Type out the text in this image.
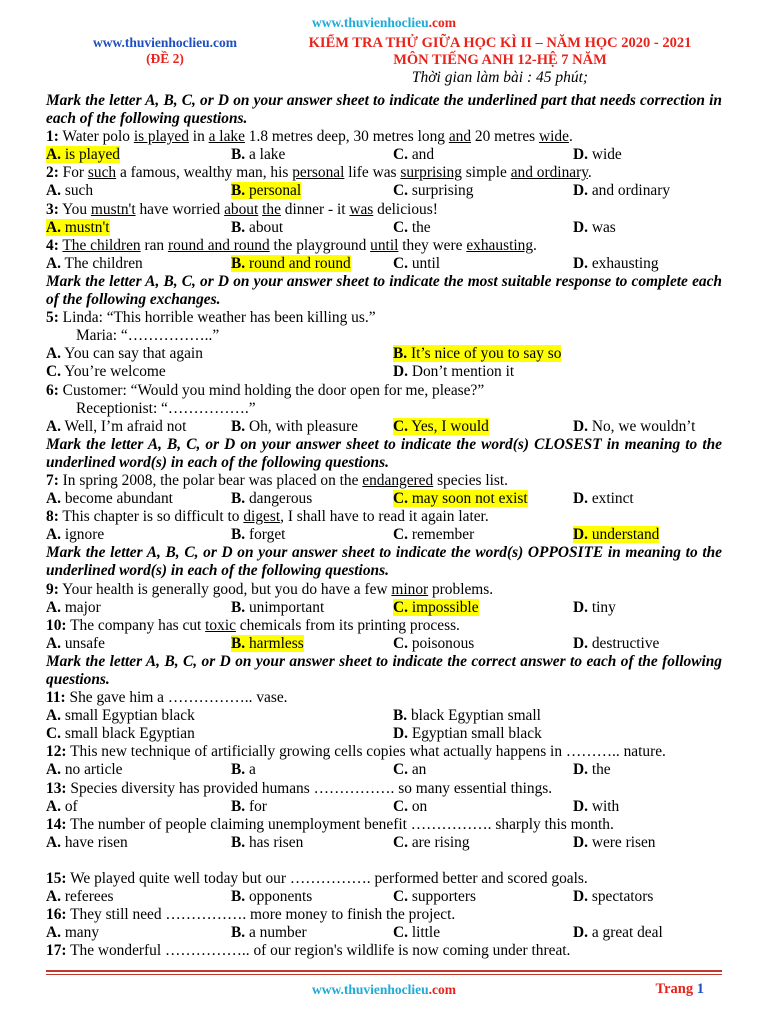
www.thuvienhoclieu.com
www.thuvienhoclieu.com
(ĐỀ 2)
KIỂM TRA THỬ GIỮA HỌC KÌ II – NĂM HỌC 2020 - 2021
MÔN TIẾNG ANH 12-HỆ 7 NĂM
Thời gian làm bài : 45 phút;
Mark the letter A, B, C, or D on your answer sheet to indicate the underlined part that needs correction in each of the following questions.
1: Water polo is played in a lake 1.8 metres deep, 30 metres long and 20 metres wide.
A. is played	B. a lake	C. and	D. wide
2: For such a famous, wealthy man, his personal life was surprising simple and ordinary.
A. such	B. personal	C. surprising	D. and ordinary
3: You mustn't have worried about the dinner - it was delicious!
A. mustn't	B. about	C. the	D. was
4: The children ran round and round the playground until they were exhausting.
A. The children	B. round and round	C. until	D. exhausting
Mark the letter A, B, C, or D on your answer sheet to indicate the most suitable response to complete each of the following exchanges.
5: Linda: “This horrible weather has been killing us.”
Maria: “……………..”
A. You can say that again	B. It’s nice of you to say so
C. You’re welcome	D. Don’t mention it
6: Customer: “Would you mind holding the door open for me, please?”
Receptionist: “…………….”
A. Well, I’m afraid not	B. Oh, with pleasure	C. Yes, I would	D. No, we wouldn’t
Mark the letter A, B, C, or D on your answer sheet to indicate the word(s) CLOSEST in meaning to the underlined word(s) in each of the following questions.
7: In spring 2008, the polar bear was placed on the endangered species list.
A. become abundant	B. dangerous	C. may soon not exist	D. extinct
8: This chapter is so difficult to digest, I shall have to read it again later.
A. ignore	B. forget	C. remember	D. understand
Mark the letter A, B, C, or D on your answer sheet to indicate the word(s) OPPOSITE in meaning to the underlined word(s) in each of the following questions.
9: Your health is generally good, but you do have a few minor problems.
A. major	B. unimportant	C. impossible	D. tiny
10: The company has cut toxic chemicals from its printing process.
A. unsafe	B. harmless	C. poisonous	D. destructive
Mark the letter A, B, C, or D on your answer sheet to indicate the correct answer to each of the following questions.
11: She gave him a …………….. vase.
A. small Egyptian black	B. black Egyptian small
C. small black Egyptian	D. Egyptian small black
12: This new technique of artificially growing cells copies what actually happens in ……….. nature.
A. no article	B. a	C. an	D. the
13: Species diversity has provided humans ……………. so many essential things.
A. of	B. for	C. on	D. with
14: The number of people claiming unemployment benefit ……………. sharply this month.
A. have risen	B. has risen	C. are rising	D. were risen
15: We played quite well today but our ……………. performed better and scored goals.
A. referees	B. opponents	C. supporters	D. spectators
16: They still need ……………. more money to finish the project.
A. many	B. a number	C. little	D. a great deal
17: The wonderful …………….. of our region's wildlife is now coming under threat.
www.thuvienhoclieu.com	Trang 1
